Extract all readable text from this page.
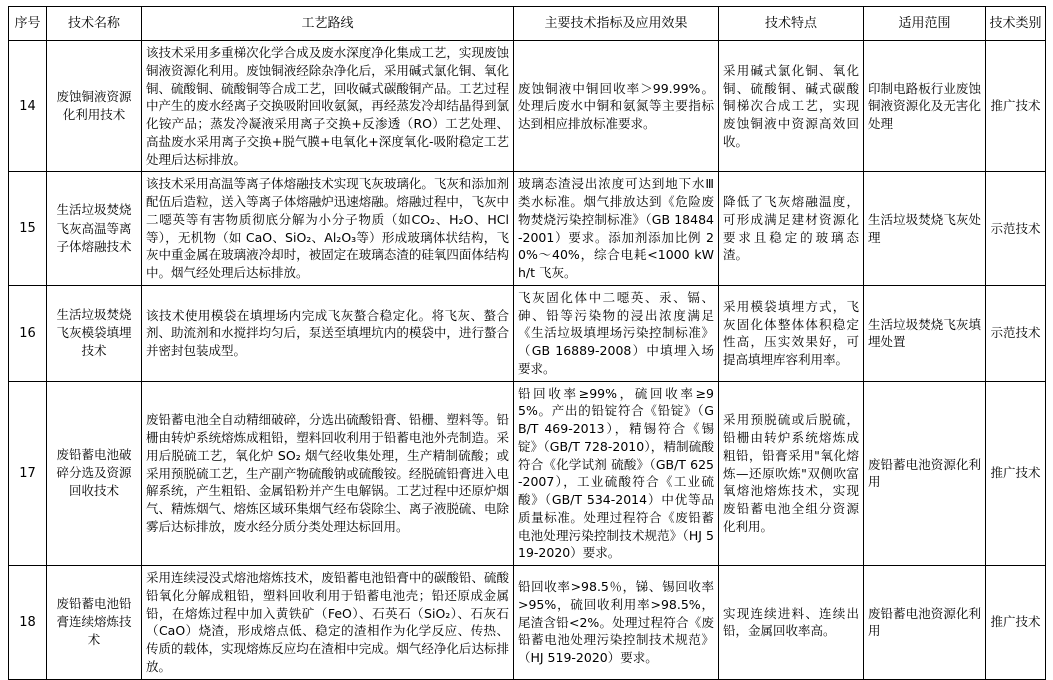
序号	技术名称	工艺路线	主要技术指标及应用效果	技术特点	适用范围	技术类别
14	废蚀铜液资源化利用技术	该技术采用多重梯次化学合成及废水深度净化集成工艺，实现废蚀铜液资源化利用。废蚀铜液经除杂净化后，采用碱式氯化铜、氧化铜、硫酸铜、硫酸铜等合成工艺，回收碱式碳酸铜产品。工艺过程中产生的废水经离子交换吸附回收氨氮，再经蒸发冷却结晶得到氯化铵产品；蒸发冷凝液采用离子交换+反渗透（RO）工艺处理、高盐废水采用离子交换+脱气膜+电氧化+深度氧化-吸附稳定工艺处理后达标排放。	废蚀铜液中铜回收率＞99.99%。处理后废水中铜和氨氮等主要指标达到相应排放标准要求。	采用碱式氯化铜、氧化铜、硫酸铜、碱式碳酸铜梯次合成工艺，实现废蚀铜液中资源高效回收。	印制电路板行业废蚀铜液资源化及无害化处理	推广技术
15	生活垃圾焚烧飞灰高温等离子体熔融技术	该技术采用高温等离子体熔融技术实现飞灰玻璃化。飞灰和添加剂配伍后造粒，送入等离子体熔融炉迅速熔融。熔融过程中，飞灰中二噁英等有害物质彻底分解为小分子物质（如CO₂、H₂O、HCl 等），无机物（如 CaO、SiO₂、Al₂O₃等）形成玻璃体状结构，飞灰中重金属在玻璃液冷却时，被固定在玻璃态渣的硅氧四面体结构中。烟气经处理后达标排放。	玻璃态渣浸出浓度可达到地下水Ⅲ类水标准。烟气排放达到《危险废物焚烧污染控制标准》（GB 18484-2001）要求。添加剂添加比例 20%～40%，综合电耗<1000 kWh/t 飞灰。	降低了飞灰熔融温度，可形成满足建材资源化要求且稳定的玻璃态渣。	生活垃圾焚烧飞灰处理	示范技术
16	生活垃圾焚烧飞灰模袋填埋技术	该技术使用模袋在填埋场内完成飞灰螯合稳定化。将飞灰、螯合剂、助流剂和水搅拌均匀后，泵送至填埋坑内的模袋中，进行螯合并密封包装成型。	飞灰固化体中二噁英、汞、镉、砷、铅等污染物的浸出浓度满足《生活垃圾填埋场污染控制标准》（GB 16889-2008）中填埋入场要求。	采用模袋填埋方式，飞灰固化体整体体积稳定性高，压实效果好，可提高填埋库容利用率。	生活垃圾焚烧飞灰填埋处置	示范技术
17	废铅蓄电池破碎分选及资源回收技术	废铅蓄电池全自动精细破碎，分选出硫酸铅膏、铅栅、塑料等。铅栅由转炉系统熔炼成粗铅，塑料回收利用于铅蓄电池外壳制造。采用后脱硫工艺，氧化炉 SO₂ 烟气经收集处理，生产精制硫酸；或采用预脱硫工艺，生产副产物硫酸钠或硫酸铵。经脱硫铅膏进入电解系统，产生粗铅、金属铅粉并产生电解锅。工艺过程中还原炉烟气、精炼烟气、熔炼区域环集烟气经布袋除尘、离子液脱硫、电除雾后达标排放，废水经分质分类处理达标回用。	铅回收率≥99%，硫回收率≥95%。产出的铅锭符合《铅锭》（GB/T 469-2013），精锡符合《锡锭》（GB/T 728-2010），精制硫酸符合《化学试剂 硫酸》（GB/T 625-2007），工业硫酸符合《工业硫酸》（GB/T 534-2014）中优等品质量标准。处理过程符合《废铅蓄电池处理污染控制技术规范》（HJ 519-2020）要求。	采用预脱硫或后脱硫，铅栅由转炉系统熔炼成粗铅，铅膏采用"氧化熔炼—还原吹炼"双侧吹富氧熔池熔炼技术，实现废铅蓄电池全组分资源化利用。	废铅蓄电池资源化利用	推广技术
18	废铅蓄电池铅膏连续熔炼技术	采用连续浸没式熔池熔炼技术，废铅蓄电池铅膏中的碳酸铅、硫酸铅氧化分解成粗铅，塑料回收利用于铅蓄电池壳；铅还原成金属铅，在熔炼过程中加入黄铁矿（FeO）、石英石（SiO₂）、石灰石（CaO）烧渣，形成熔点低、稳定的渣相作为化学反应、传热、传质的载体，实现熔炼反应均在渣相中完成。烟气经净化后达标排放。	铅回收率>98.5％，锑、锡回收率>95%，硫回收利用率>98.5%，尾渣含铅<2%。处理过程符合《废铅蓄电池处理污染控制技术规范》（HJ 519-2020）要求。	实现连续进料、连续出铅，金属回收率高。	废铅蓄电池资源化利用	推广技术
